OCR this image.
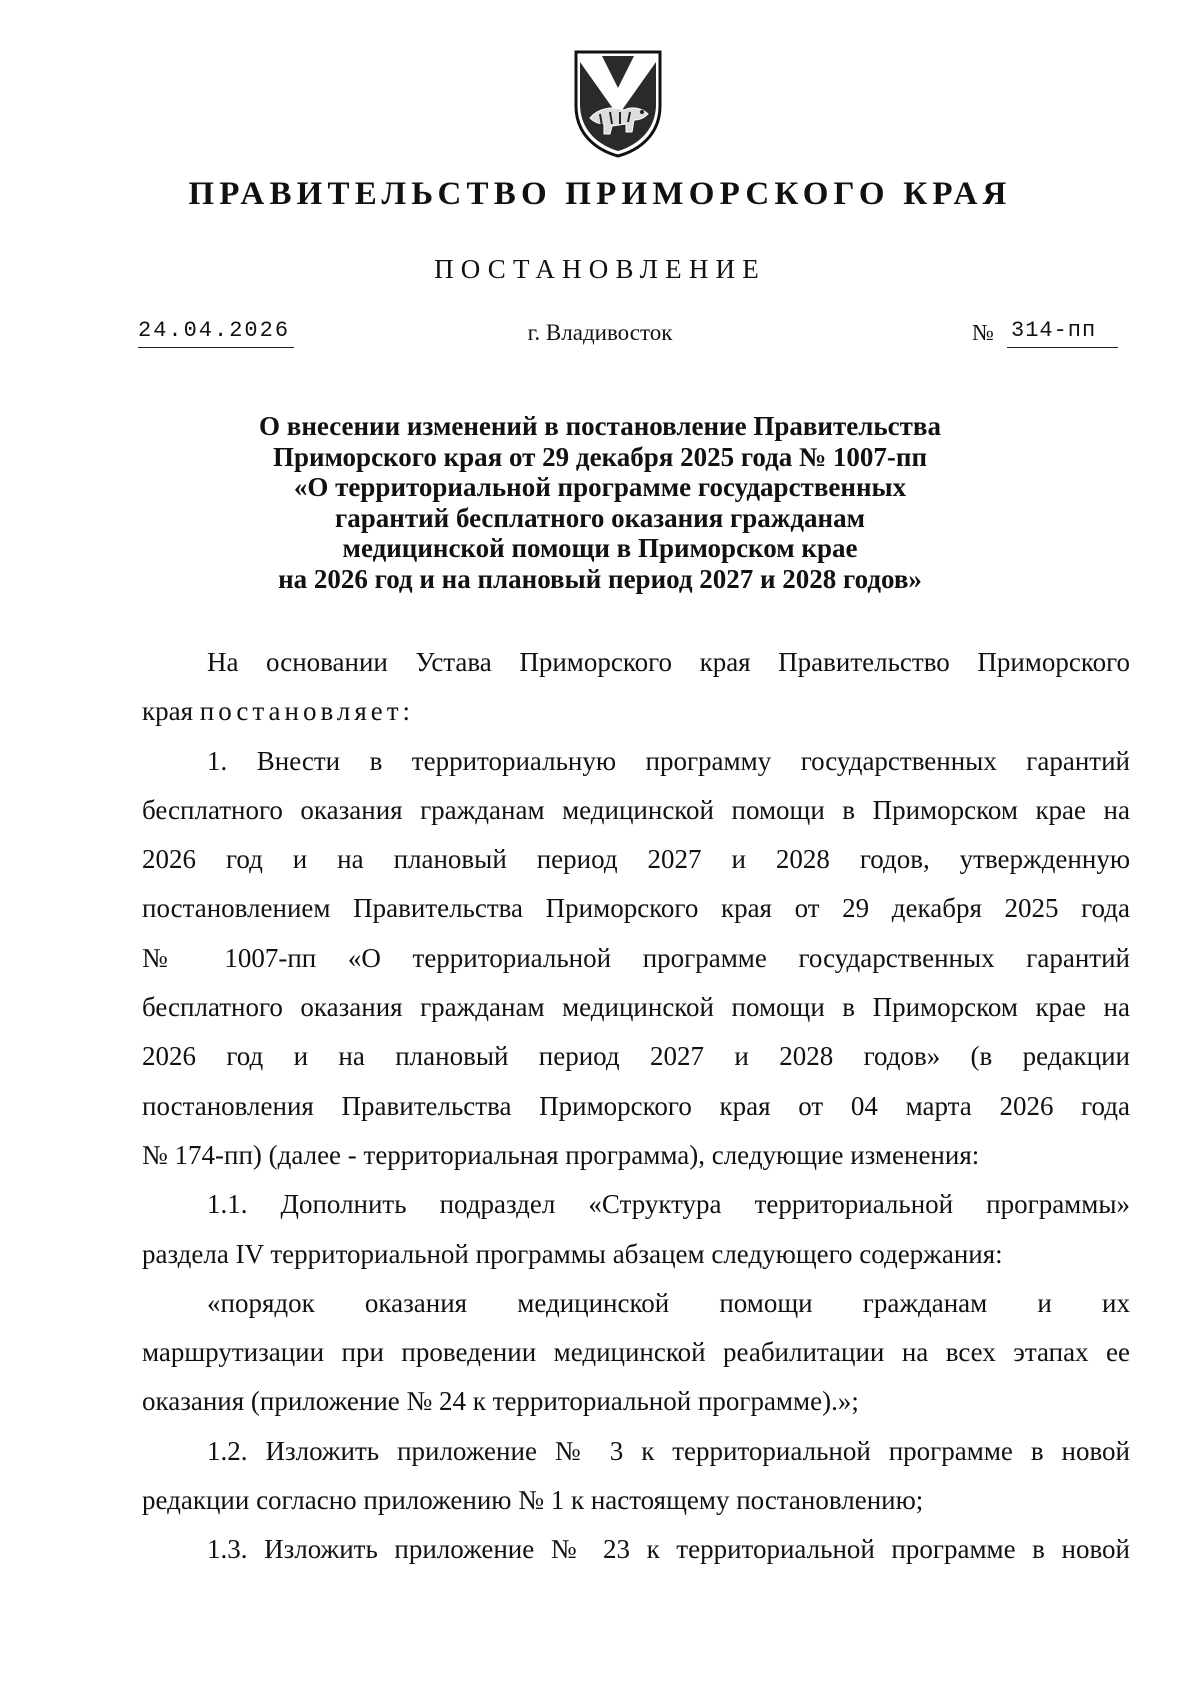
ПРАВИТЕЛЬСТВО ПРИМОРСКОГО КРАЯ
ПОСТАНОВЛЕНИЕ
24.04.2026	г. Владивосток	№ 314-пп
О внесении изменений в постановление Правительства
Приморского края от 29 декабря 2025 года № 1007-пп
«О территориальной программе государственных
гарантий бесплатного оказания гражданам
медицинской помощи в Приморском крае
на 2026 год и на плановый период 2027 и 2028 годов»
На основании Устава Приморского края Правительство Приморского
края постановляет:
1. Внести в территориальную программу государственных гарантий
бесплатного оказания гражданам медицинской помощи в Приморском крае на
2026 год и на плановый период 2027 и 2028 годов, утвержденную
постановлением Правительства Приморского края от 29 декабря 2025 года
№ 1007-пп «О территориальной программе государственных гарантий
бесплатного оказания гражданам медицинской помощи в Приморском крае на
2026 год и на плановый период 2027 и 2028 годов» (в редакции
постановления Правительства Приморского края от 04 марта 2026 года
№ 174-пп) (далее - территориальная программа), следующие изменения:
1.1. Дополнить подраздел «Структура территориальной программы»
раздела IV территориальной программы абзацем следующего содержания:
«порядок оказания медицинской помощи гражданам и их
маршрутизации при проведении медицинской реабилитации на всех этапах ее
оказания (приложение № 24 к территориальной программе).»;
1.2. Изложить приложение № 3 к территориальной программе в новой
редакции согласно приложению № 1 к настоящему постановлению;
1.3. Изложить приложение № 23 к территориальной программе в новой
